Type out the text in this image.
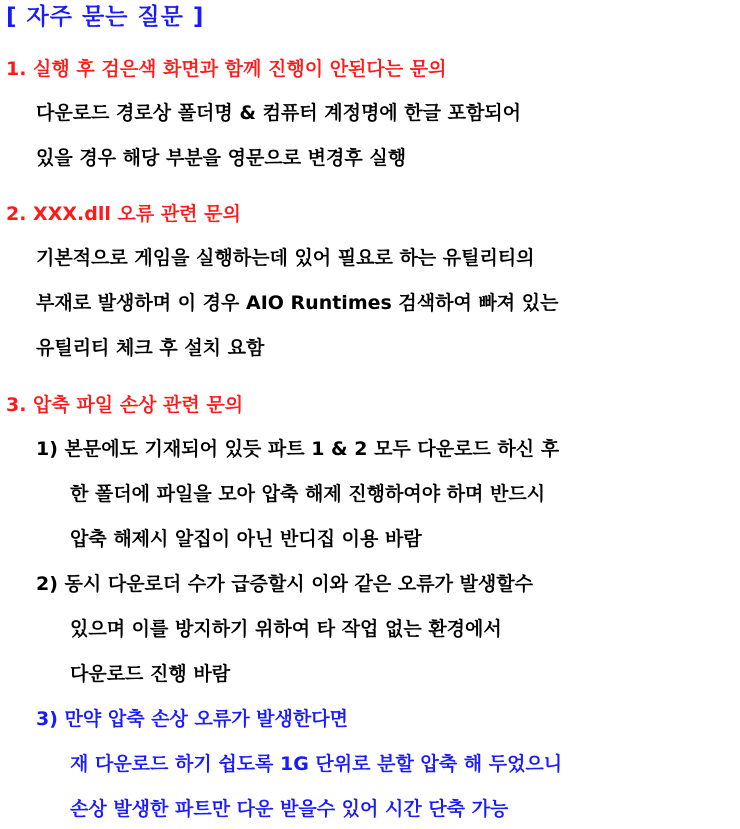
[ 자주 묻는 질문 ]
1. 실행 후 검은색 화면과 함께 진행이 안된다는 문의
다운로드 경로상 폴더명 & 컴퓨터 계정명에 한글 포함되어
있을 경우 해당 부분을 영문으로 변경후 실행
2. XXX.dll 오류 관련 문의
기본적으로 게임을 실행하는데 있어 필요로 하는 유틸리티의
부재로 발생하며 이 경우 AIO Runtimes 검색하여 빠져 있는
유틸리티 체크 후 설치 요함
3. 압축 파일 손상 관련 문의
1) 본문에도 기재되어 있듯 파트 1 & 2 모두 다운로드 하신 후
한 폴더에 파일을 모아 압축 해제 진행하여야 하며 반드시
압축 해제시 알집이 아닌 반디집 이용 바람
2) 동시 다운로더 수가 급증할시 이와 같은 오류가 발생할수
있으며 이를 방지하기 위하여 타 작업 없는 환경에서
다운로드 진행 바람
3) 만약 압축 손상 오류가 발생한다면
재 다운로드 하기 쉽도록 1G 단위로 분할 압축 해 두었으니
손상 발생한 파트만 다운 받을수 있어 시간 단축 가능
